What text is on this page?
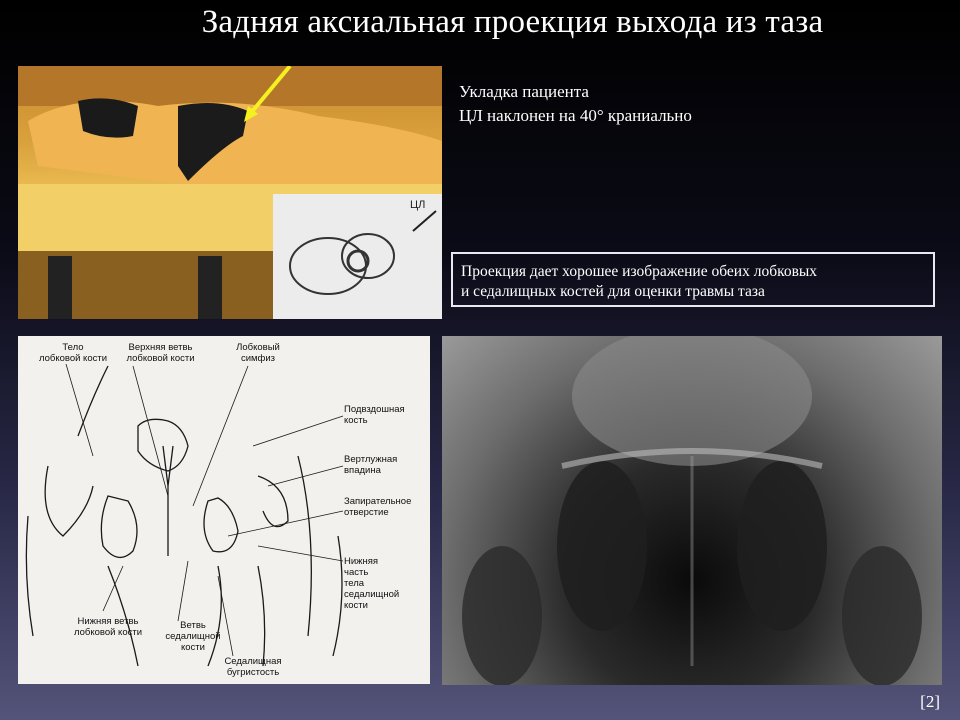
Задняя аксиальная проекция выхода из таза
ЦЛ
Укладка пациента
ЦЛ наклонен на 40° краниально
Проекция дает хорошее изображение обеих лобковых
и седалищных костей для оценки травмы таза
Тело
лобковой кости
Верхняя ветвь
лобковой кости
Лобковый
симфиз
Подвздошная
кость
Вертлужная
впадина
Запирательное
отверстие
Нижняя
часть
тела
седалищной
кости
Нижняя ветвь
лобковой кости
Ветвь
седалищной
кости
Седалищная
бугристость
[2]
